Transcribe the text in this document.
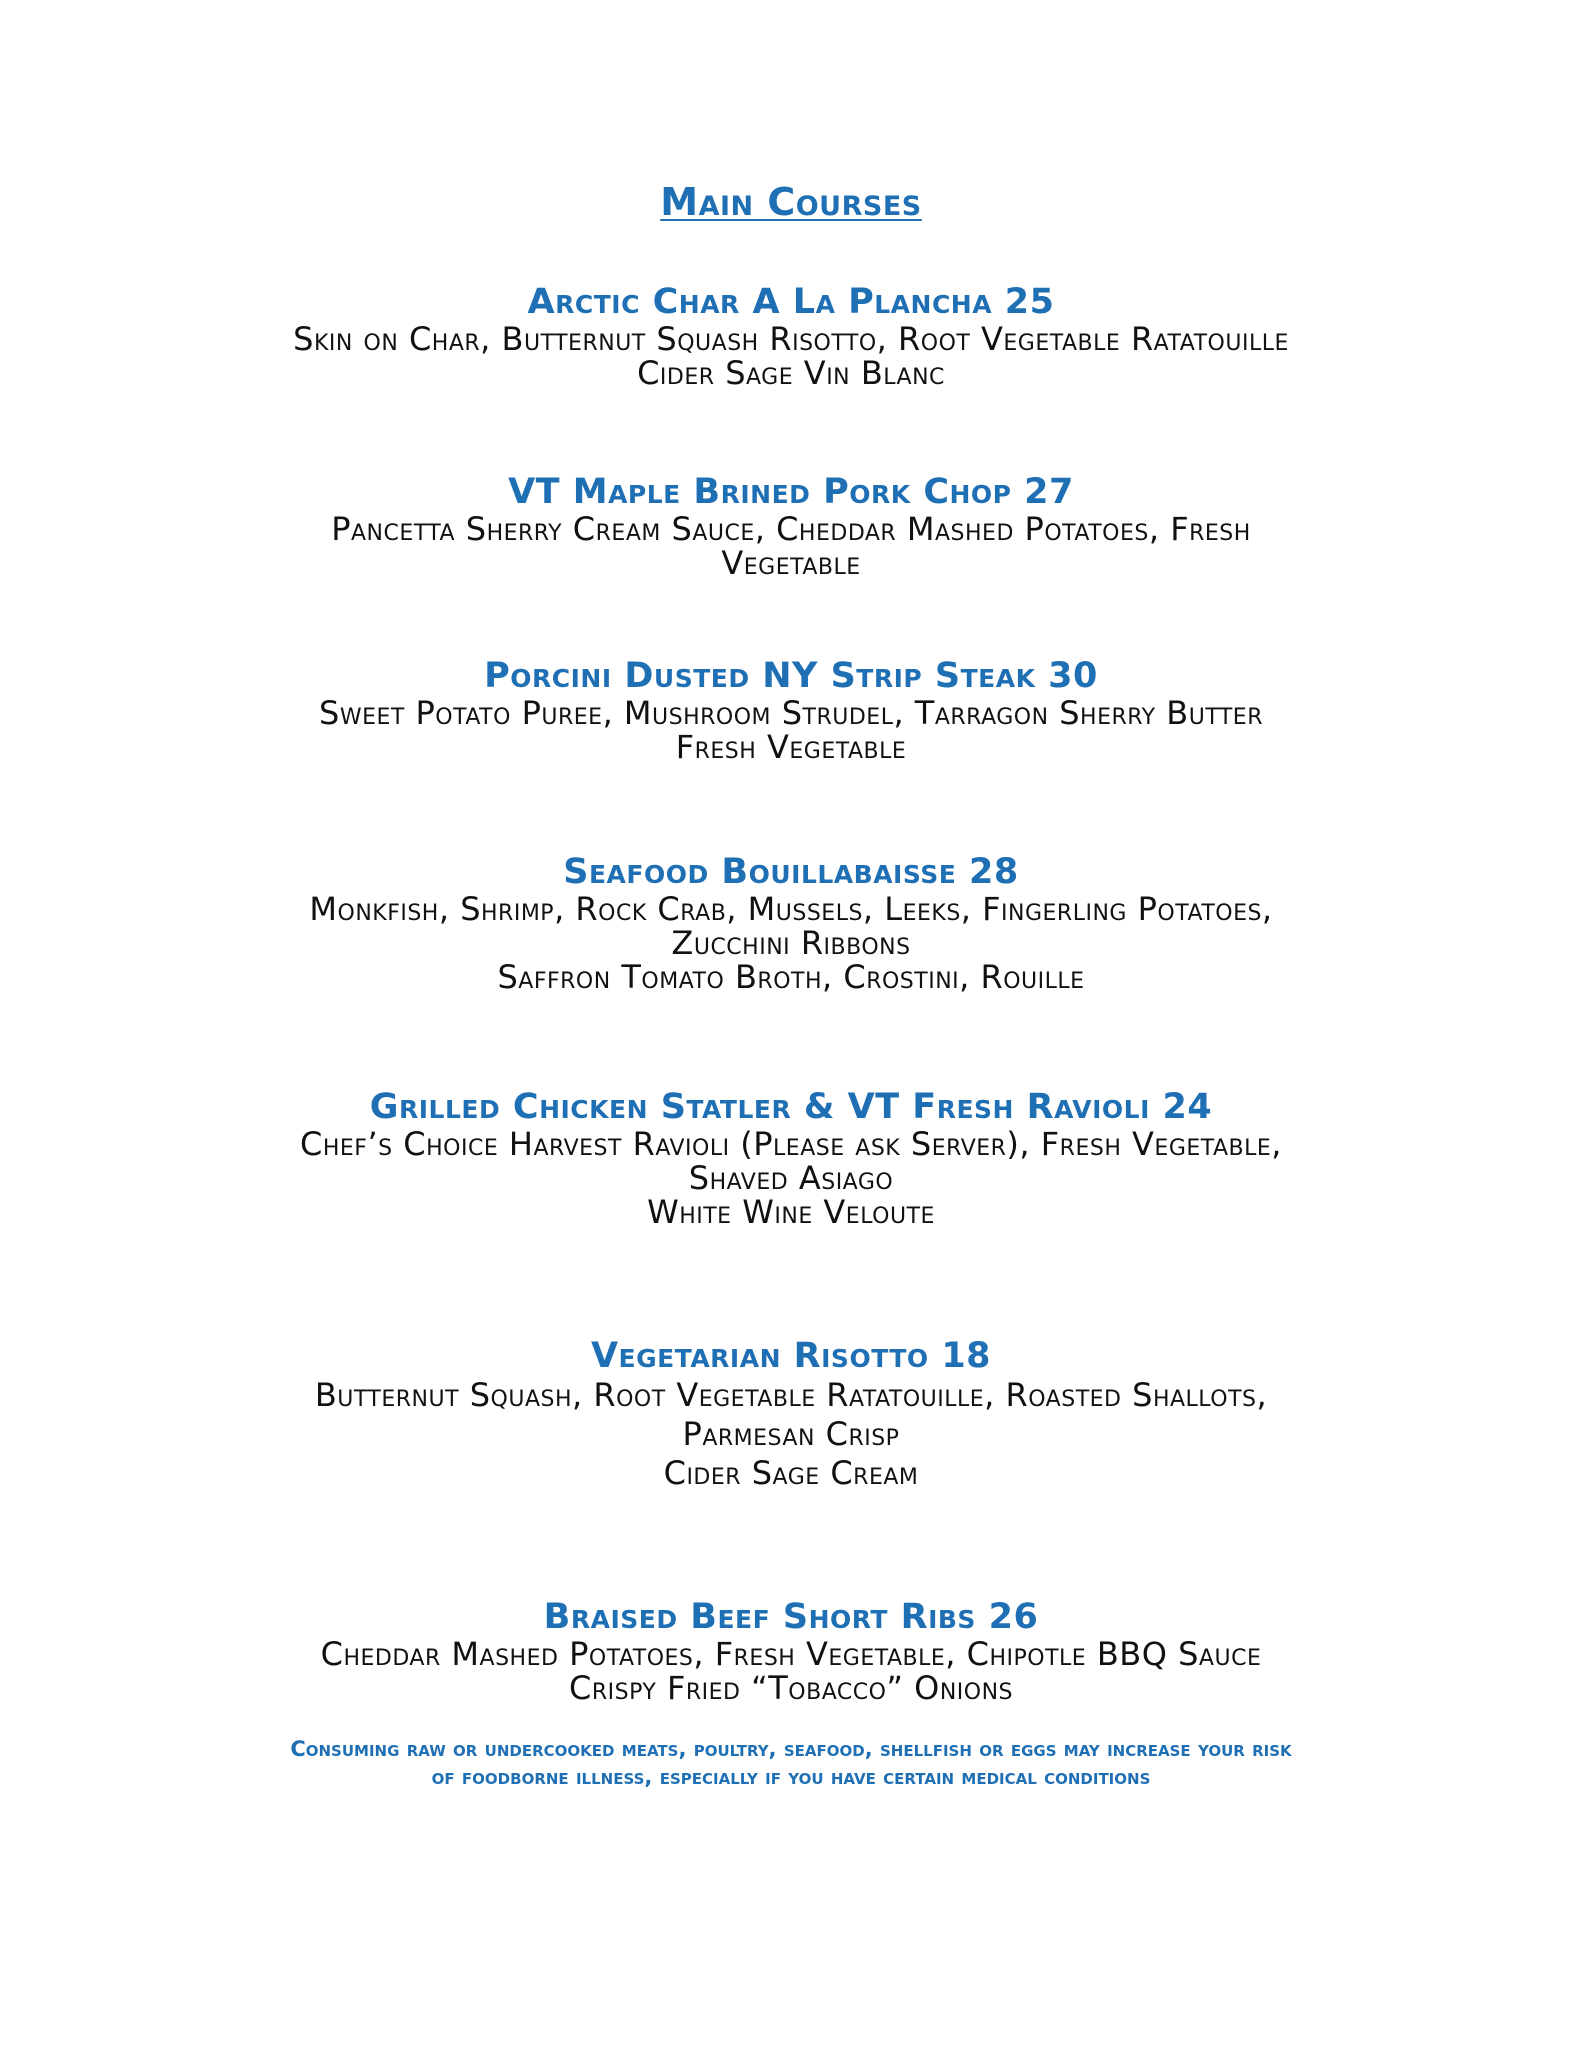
Main Courses
Arctic Char A La Plancha 25
Skin on Char, Butternut Squash Risotto, Root Vegetable Ratatouille
Cider Sage Vin Blanc
VT Maple Brined Pork Chop 27
Pancetta Sherry Cream Sauce, Cheddar Mashed Potatoes, Fresh
Vegetable
Porcini Dusted NY Strip Steak 30
Sweet Potato Puree, Mushroom Strudel, Tarragon Sherry Butter
Fresh Vegetable
Seafood Bouillabaisse 28
Monkfish, Shrimp, Rock Crab, Mussels, Leeks, Fingerling Potatoes,
Zucchini Ribbons
Saffron Tomato Broth, Crostini, Rouille
Grilled Chicken Statler & VT Fresh Ravioli 24
Chef’s Choice Harvest Ravioli (Please ask Server), Fresh Vegetable,
Shaved Asiago
White Wine Veloute
Vegetarian Risotto 18
Butternut Squash, Root Vegetable Ratatouille, Roasted Shallots,
Parmesan Crisp
Cider Sage Cream
Braised Beef Short Ribs 26
Cheddar Mashed Potatoes, Fresh Vegetable, Chipotle BBQ Sauce
Crispy Fried “Tobacco” Onions
Consuming raw or undercooked meats, poultry, seafood, shellfish or eggs may increase your risk
of foodborne illness, especially if you have certain medical conditions
